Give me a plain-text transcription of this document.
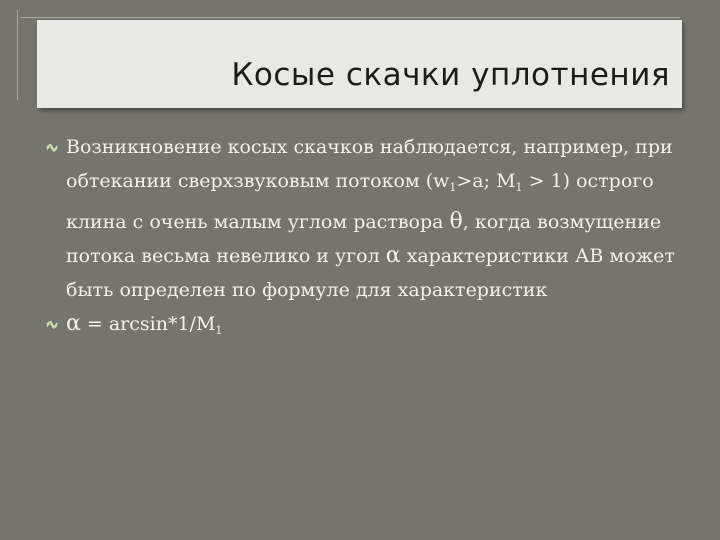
Косые скачки уплотнения

Возникновение косых скачков наблюдается, например, при обтекании сверхзвуковым потоком ($w_1>a$; $M_1 > 1$) острого клина с очень малым углом раствора θ, когда возмущение потока весьма невелико и угол α характеристики АВ может быть определен по формуле для характеристик

$\alpha = \arcsin*1/M_1$
